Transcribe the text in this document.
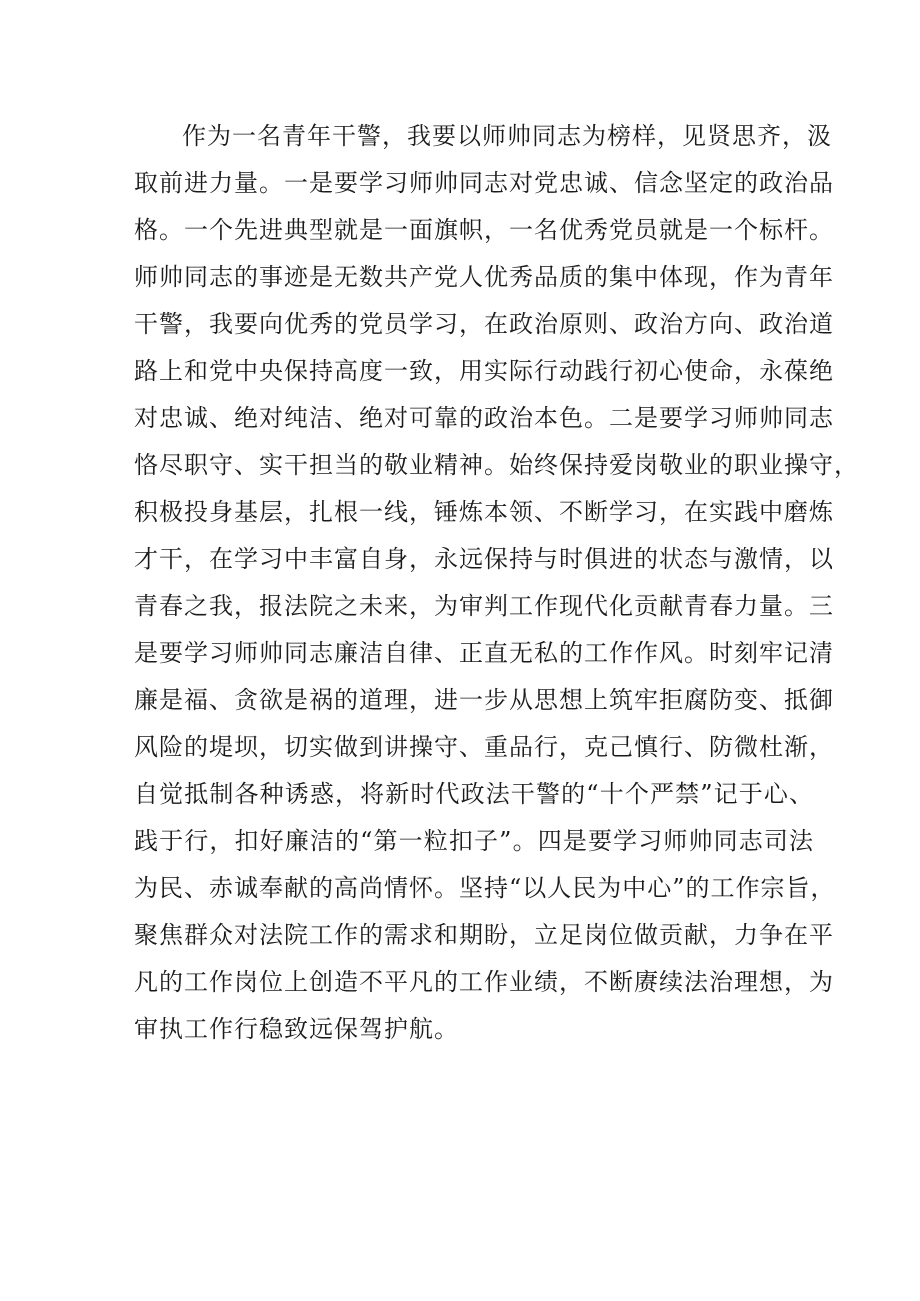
作为一名青年干警，我要以师帅同志为榜样，见贤思齐，汲
取前进力量。一是要学习师帅同志对党忠诚、信念坚定的政治品
格。一个先进典型就是一面旗帜，一名优秀党员就是一个标杆。
师帅同志的事迹是无数共产党人优秀品质的集中体现，作为青年
干警，我要向优秀的党员学习，在政治原则、政治方向、政治道
路上和党中央保持高度一致，用实际行动践行初心使命，永葆绝
对忠诚、绝对纯洁、绝对可靠的政治本色。二是要学习师帅同志
恪尽职守、实干担当的敬业精神。始终保持爱岗敬业的职业操守，
积极投身基层，扎根一线，锤炼本领、不断学习，在实践中磨炼
才干，在学习中丰富自身，永远保持与时俱进的状态与激情，以
青春之我，报法院之未来，为审判工作现代化贡献青春力量。三
是要学习师帅同志廉洁自律、正直无私的工作作风。时刻牢记清
廉是福、贪欲是祸的道理，进一步从思想上筑牢拒腐防变、抵御
风险的堤坝，切实做到讲操守、重品行，克己慎行、防微杜渐，
自觉抵制各种诱惑，将新时代政法干警的“十个严禁”记于心、
践于行，扣好廉洁的“第一粒扣子”。四是要学习师帅同志司法
为民、赤诚奉献的高尚情怀。坚持“以人民为中心”的工作宗旨，
聚焦群众对法院工作的需求和期盼，立足岗位做贡献，力争在平
凡的工作岗位上创造不平凡的工作业绩，不断赓续法治理想，为
审执工作行稳致远保驾护航。
